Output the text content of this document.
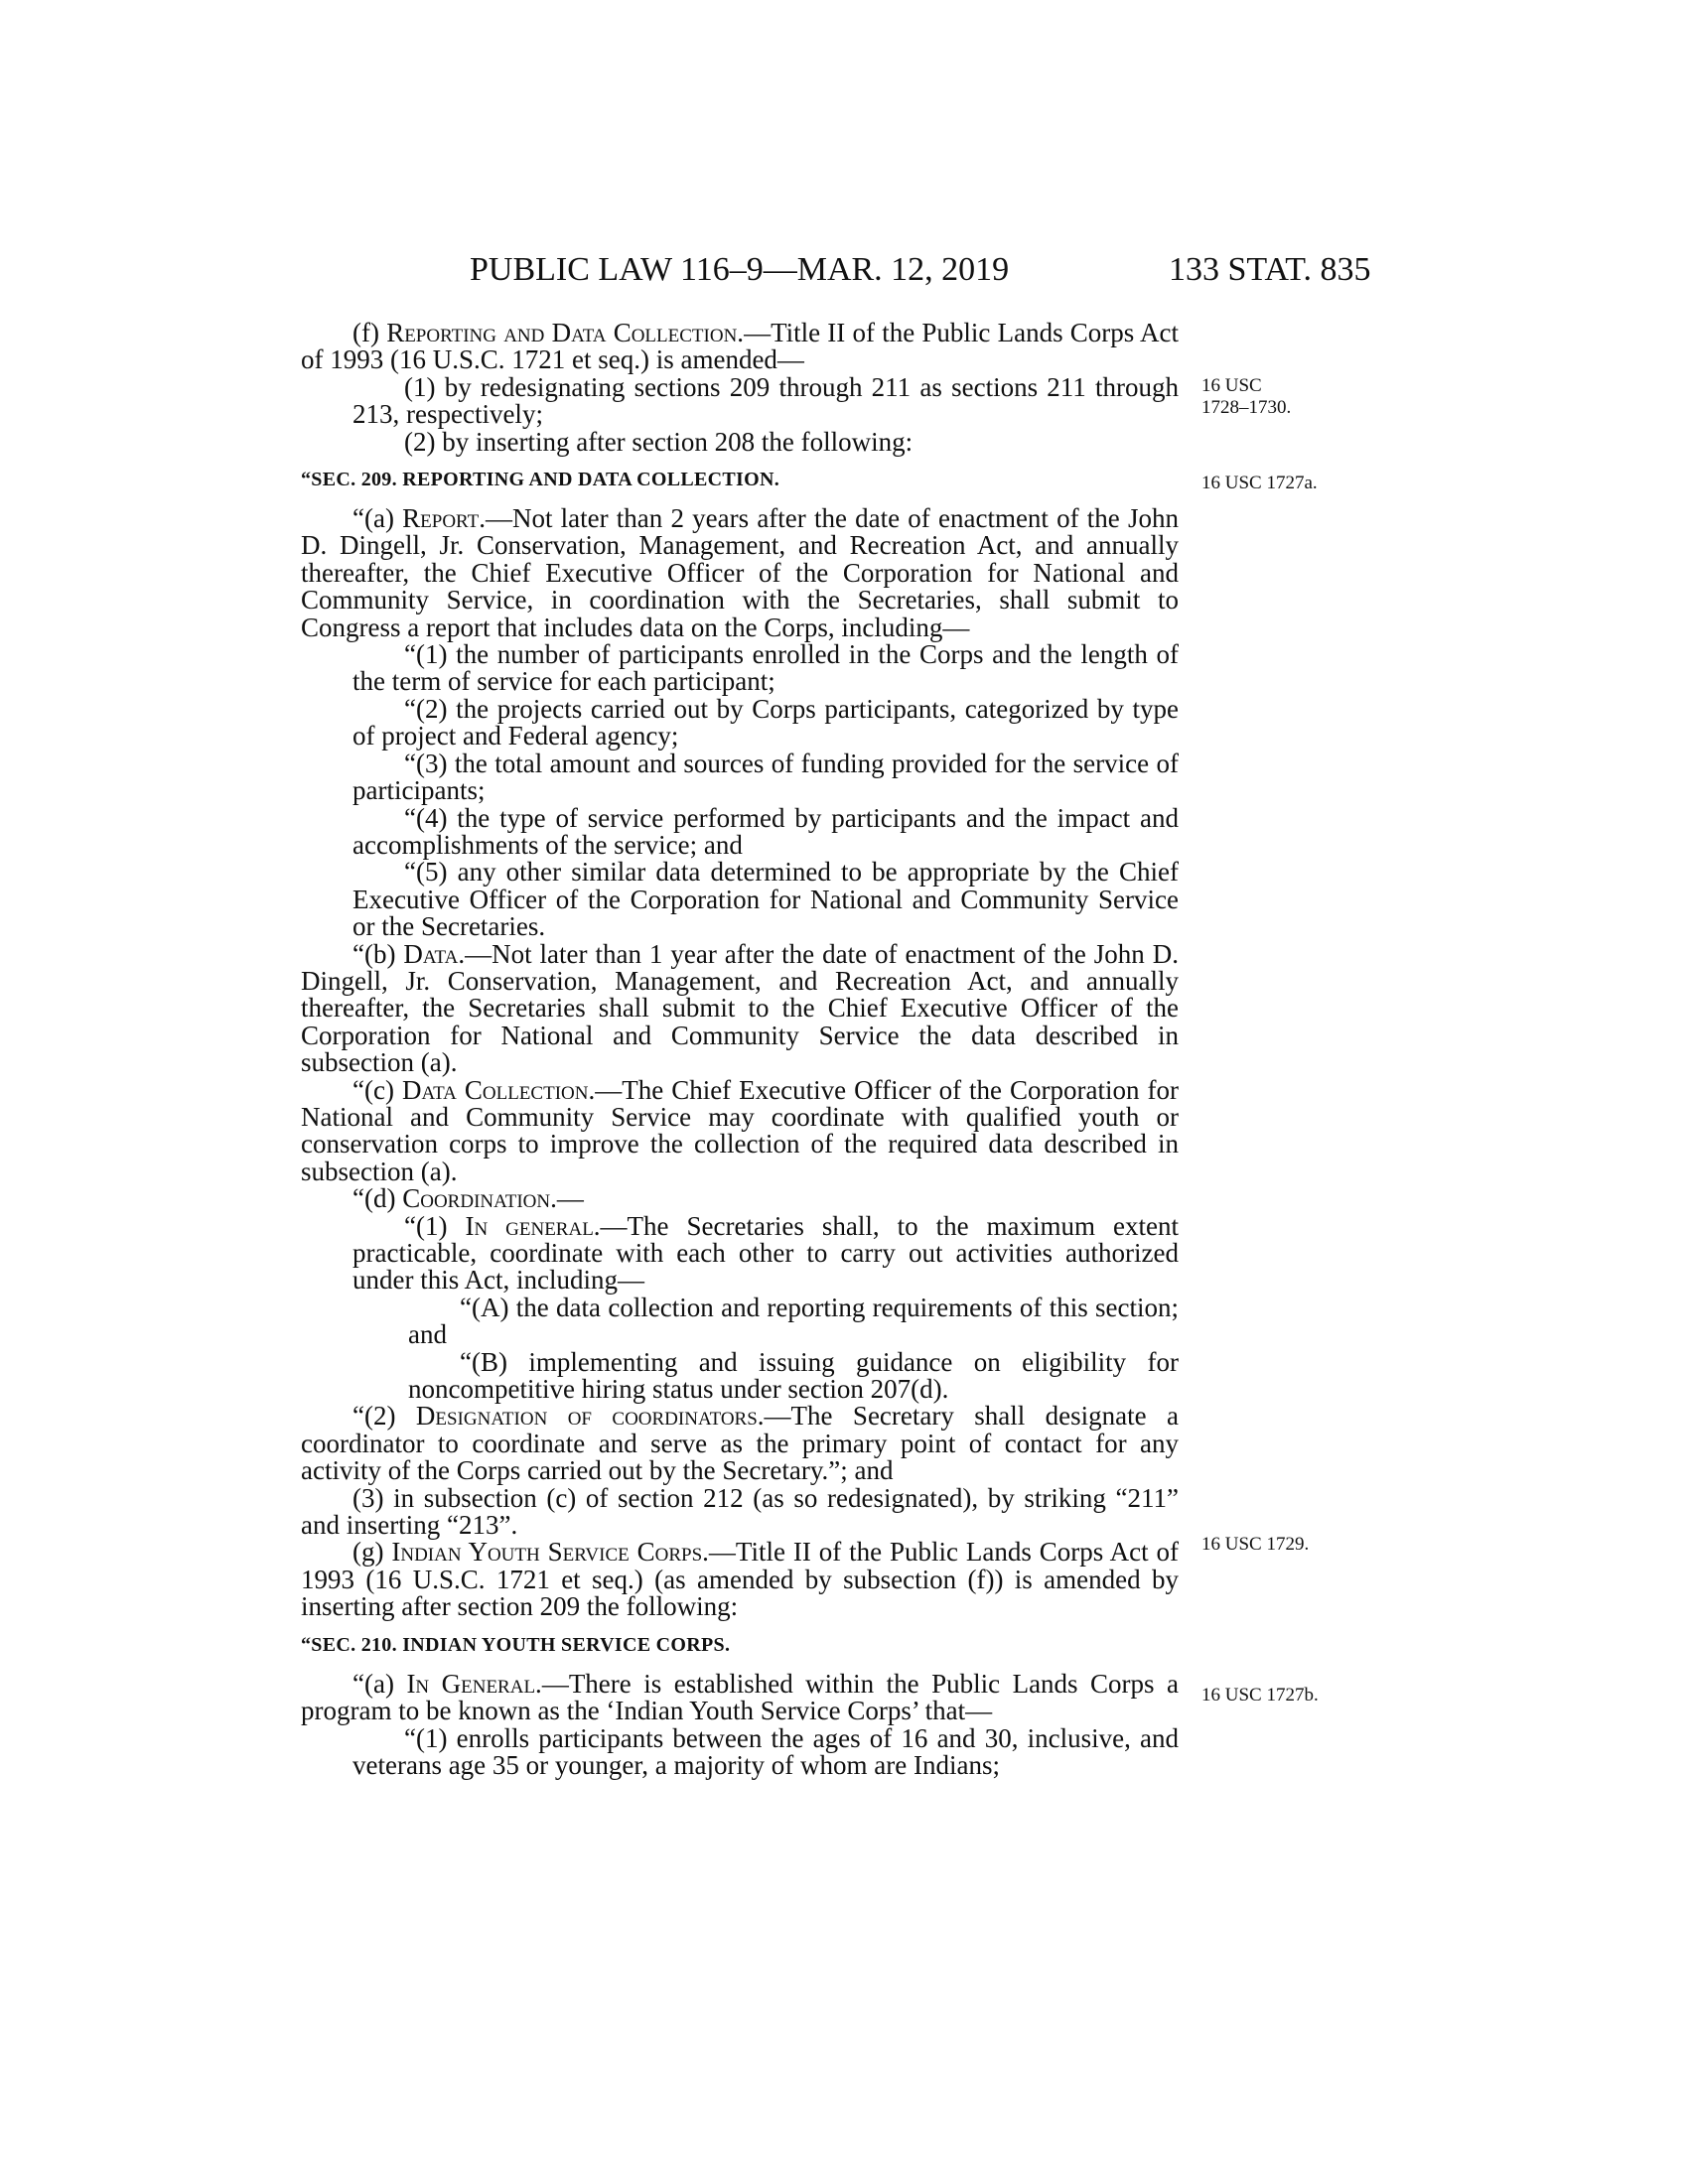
PUBLIC LAW 116–9—MAR. 12, 2019	133 STAT. 835

(f) Reporting and Data Collection.—Title II of the Public Lands Corps Act of 1993 (16 U.S.C. 1721 et seq.) is amended—

(1) by redesignating sections 209 through 211 as sections 211 through 213, respectively;

(2) by inserting after section 208 the following:

“SEC. 209. REPORTING AND DATA COLLECTION.

“(a) Report.—Not later than 2 years after the date of enactment of the John D. Dingell, Jr. Conservation, Management, and Recreation Act, and annually thereafter, the Chief Executive Officer of the Corporation for National and Community Service, in coordination with the Secretaries, shall submit to Congress a report that includes data on the Corps, including—

“(1) the number of participants enrolled in the Corps and the length of the term of service for each participant;

“(2) the projects carried out by Corps participants, categorized by type of project and Federal agency;

“(3) the total amount and sources of funding provided for the service of participants;

“(4) the type of service performed by participants and the impact and accomplishments of the service; and

“(5) any other similar data determined to be appropriate by the Chief Executive Officer of the Corporation for National and Community Service or the Secretaries.

“(b) Data.—Not later than 1 year after the date of enactment of the John D. Dingell, Jr. Conservation, Management, and Recreation Act, and annually thereafter, the Secretaries shall submit to the Chief Executive Officer of the Corporation for National and Community Service the data described in subsection (a).

“(c) Data Collection.—The Chief Executive Officer of the Corporation for National and Community Service may coordinate with qualified youth or conservation corps to improve the collection of the required data described in subsection (a).

“(d) Coordination.—

“(1) In general.—The Secretaries shall, to the maximum extent practicable, coordinate with each other to carry out activities authorized under this Act, including—

“(A) the data collection and reporting requirements of this section; and

“(B) implementing and issuing guidance on eligibility for noncompetitive hiring status under section 207(d).

“(2) Designation of coordinators.—The Secretary shall designate a coordinator to coordinate and serve as the primary point of contact for any activity of the Corps carried out by the Secretary.”; and

(3) in subsection (c) of section 212 (as so redesignated), by striking “211” and inserting “213”.

(g) Indian Youth Service Corps.—Title II of the Public Lands Corps Act of 1993 (16 U.S.C. 1721 et seq.) (as amended by subsection (f)) is amended by inserting after section 209 the following:

“SEC. 210. INDIAN YOUTH SERVICE CORPS.

“(a) In General.—There is established within the Public Lands Corps a program to be known as the ‘Indian Youth Service Corps’ that—

“(1) enrolls participants between the ages of 16 and 30, inclusive, and veterans age 35 or younger, a majority of whom are Indians;

16 USC
1728–1730.
16 USC 1727a.
16 USC 1729.
16 USC 1727b.
